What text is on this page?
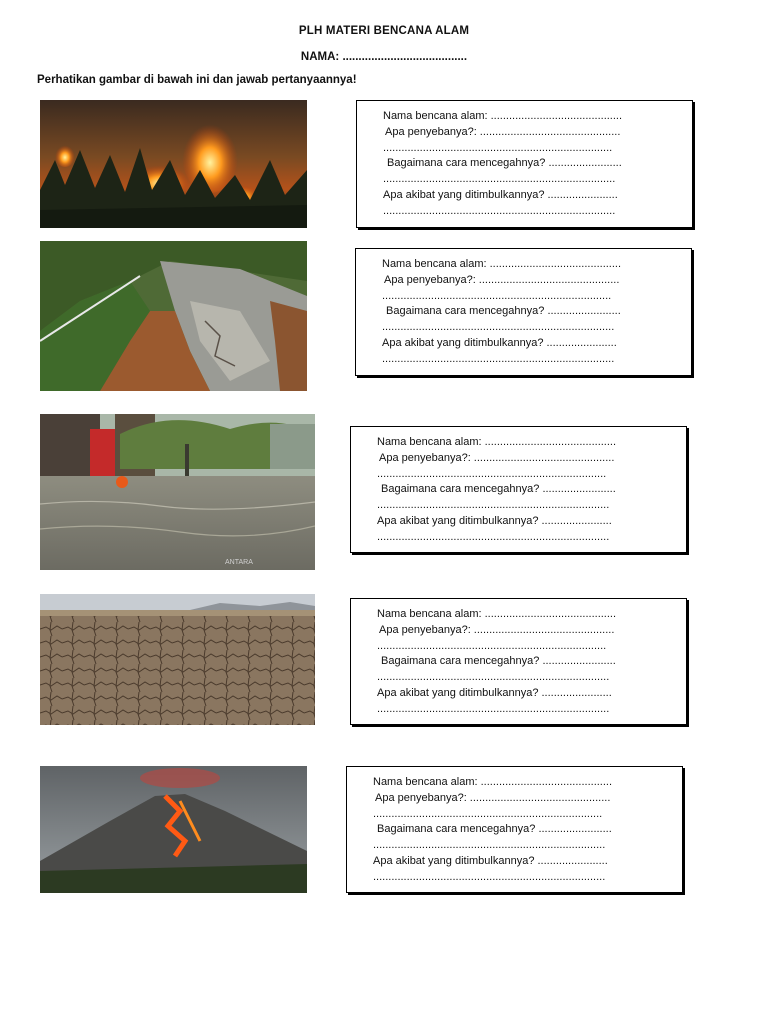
PLH MATERI BENCANA ALAM
NAMA: .......................................
Perhatikan gambar di bawah ini dan jawab pertanyaannya!
ANTARA
Nama bencana alam: ...........................................
Apa penyebanya?: ..............................................
...........................................................................
Bagaimana cara mencegahnya? ........................
............................................................................
Apa akibat yang ditimbulkannya? .......................
............................................................................
Nama bencana alam: ...........................................
Apa penyebanya?: ..............................................
...........................................................................
Bagaimana cara mencegahnya? ........................
............................................................................
Apa akibat yang ditimbulkannya? .......................
............................................................................
Nama bencana alam: ...........................................
Apa penyebanya?: ..............................................
...........................................................................
Bagaimana cara mencegahnya? ........................
............................................................................
Apa akibat yang ditimbulkannya? .......................
............................................................................
Nama bencana alam: ...........................................
Apa penyebanya?: ..............................................
...........................................................................
Bagaimana cara mencegahnya? ........................
............................................................................
Apa akibat yang ditimbulkannya? .......................
............................................................................
Nama bencana alam: ...........................................
Apa penyebanya?: ..............................................
...........................................................................
Bagaimana cara mencegahnya? ........................
............................................................................
Apa akibat yang ditimbulkannya? .......................
............................................................................
